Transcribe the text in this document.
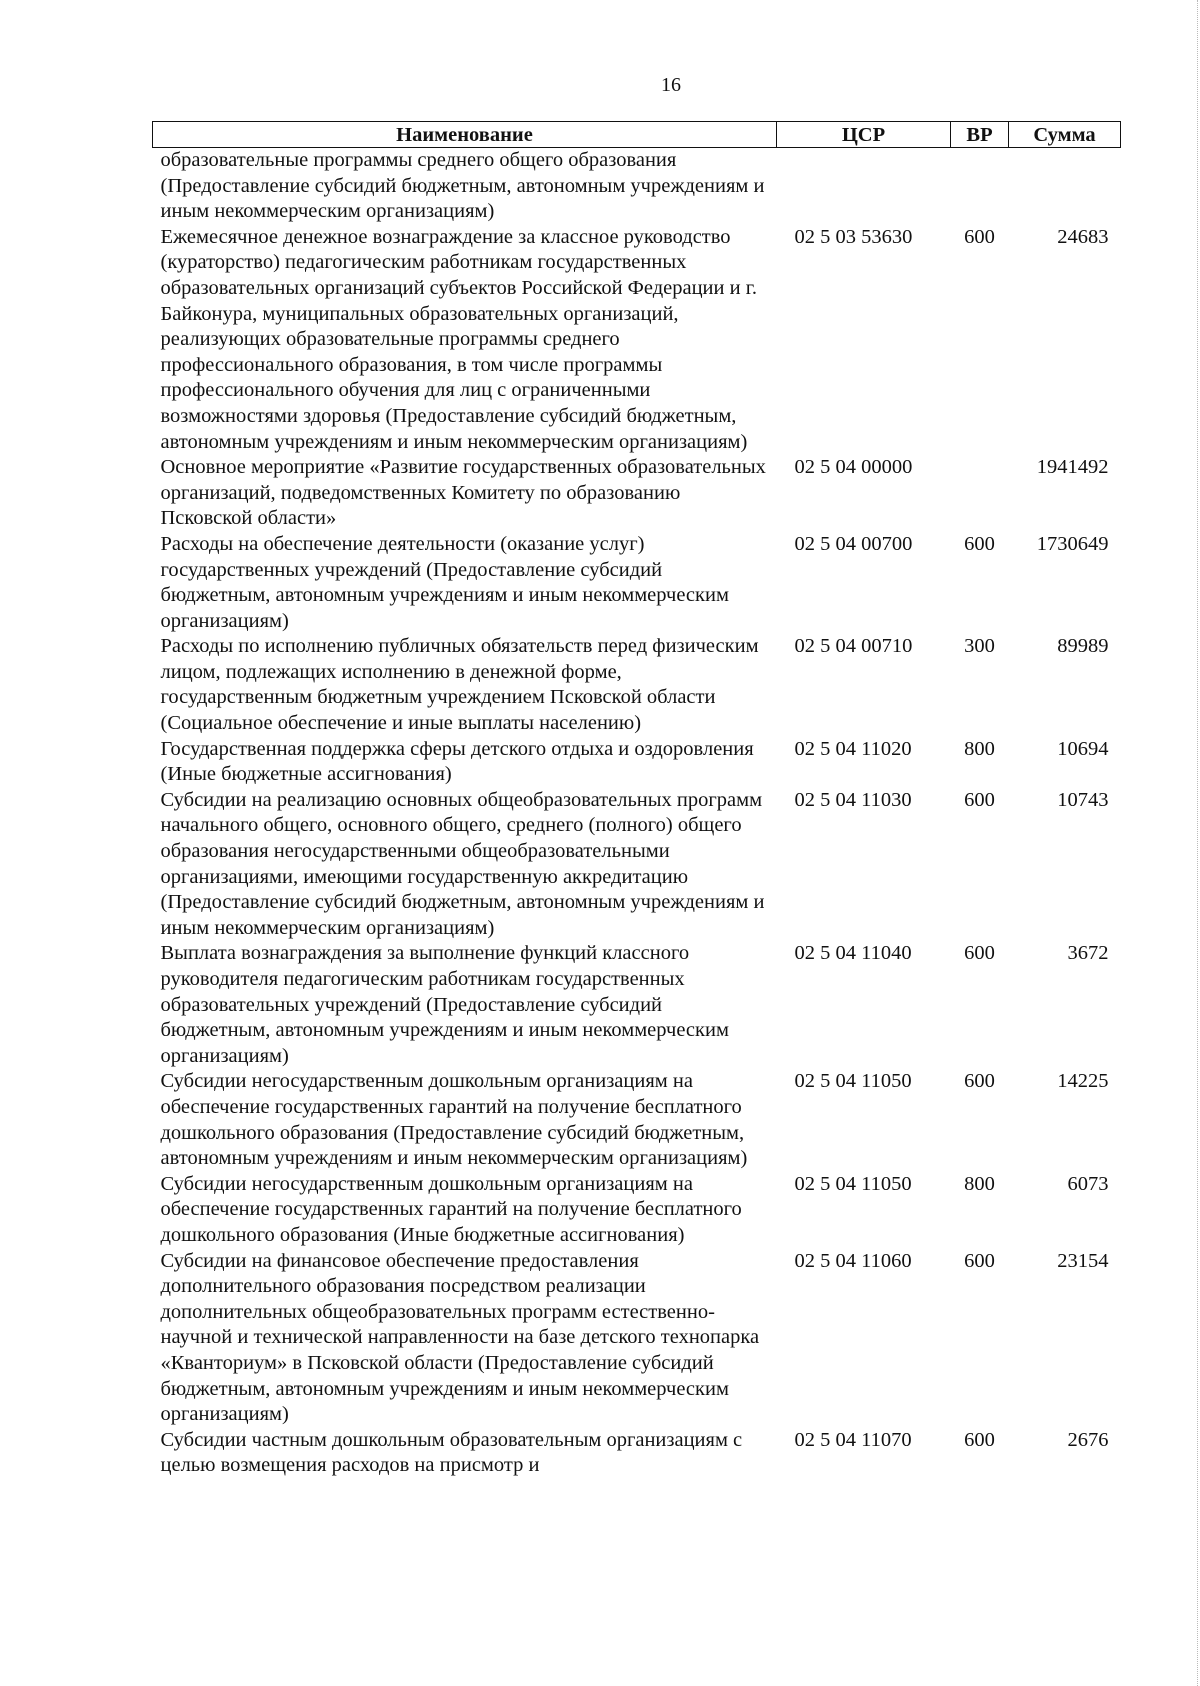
16
Наименование	ЦСР	ВР	Сумма
образовательные программы среднего общего образования (Предоставление субсидий бюджетным, автономным учреждениям и иным некоммерческим организациям)			
Ежемесячное денежное вознаграждение за классное руководство (кураторство) педагогическим работникам государственных образовательных организаций субъектов Российской Федерации и г. Байконура, муниципальных образовательных организаций, реализующих образовательные программы среднего профессионального образования, в том числе программы профессионального обучения для лиц с ограниченными возможностями здоровья (Предоставление субсидий бюджетным, автономным учреждениям и иным некоммерческим организациям)	02 5 03 53630	600	24683
Основное мероприятие «Развитие государственных образовательных организаций, подведомственных Комитету по образованию Псковской области»	02 5 04 00000		1941492
Расходы на обеспечение деятельности (оказание услуг) государственных учреждений (Предоставление субсидий бюджетным, автономным учреждениям и иным некоммерческим организациям)	02 5 04 00700	600	1730649
Расходы по исполнению публичных обязательств перед физическим лицом, подлежащих исполнению в денежной форме, государственным бюджетным учреждением Псковской области (Социальное обеспечение и иные выплаты населению)	02 5 04 00710	300	89989
Государственная поддержка сферы детского отдыха и оздоровления (Иные бюджетные ассигнования)	02 5 04 11020	800	10694
Субсидии на реализацию основных общеобразовательных программ начального общего, основного общего, среднего (полного) общего образования негосударственными общеобразовательными организациями, имеющими государственную аккредитацию (Предоставление субсидий бюджетным, автономным учреждениям и иным некоммерческим организациям)	02 5 04 11030	600	10743
Выплата вознаграждения за выполнение функций классного руководителя педагогическим работникам государственных образовательных учреждений (Предоставление субсидий бюджетным, автономным учреждениям и иным некоммерческим организациям)	02 5 04 11040	600	3672
Субсидии негосударственным дошкольным организациям на обеспечение государственных гарантий на получение бесплатного дошкольного образования (Предоставление субсидий бюджетным, автономным учреждениям и иным некоммерческим организациям)	02 5 04 11050	600	14225
Субсидии негосударственным дошкольным организациям на обеспечение государственных гарантий на получение бесплатного дошкольного образования (Иные бюджетные ассигнования)	02 5 04 11050	800	6073
Субсидии на финансовое обеспечение предоставления дополнительного образования посредством реализации дополнительных общеобразовательных программ естественно-научной и технической направленности на базе детского технопарка «Кванториум» в Псковской области (Предоставление субсидий бюджетным, автономным учреждениям и иным некоммерческим организациям)	02 5 04 11060	600	23154
Субсидии частным дошкольным образовательным организациям с целью возмещения расходов на присмотр и	02 5 04 11070	600	2676
